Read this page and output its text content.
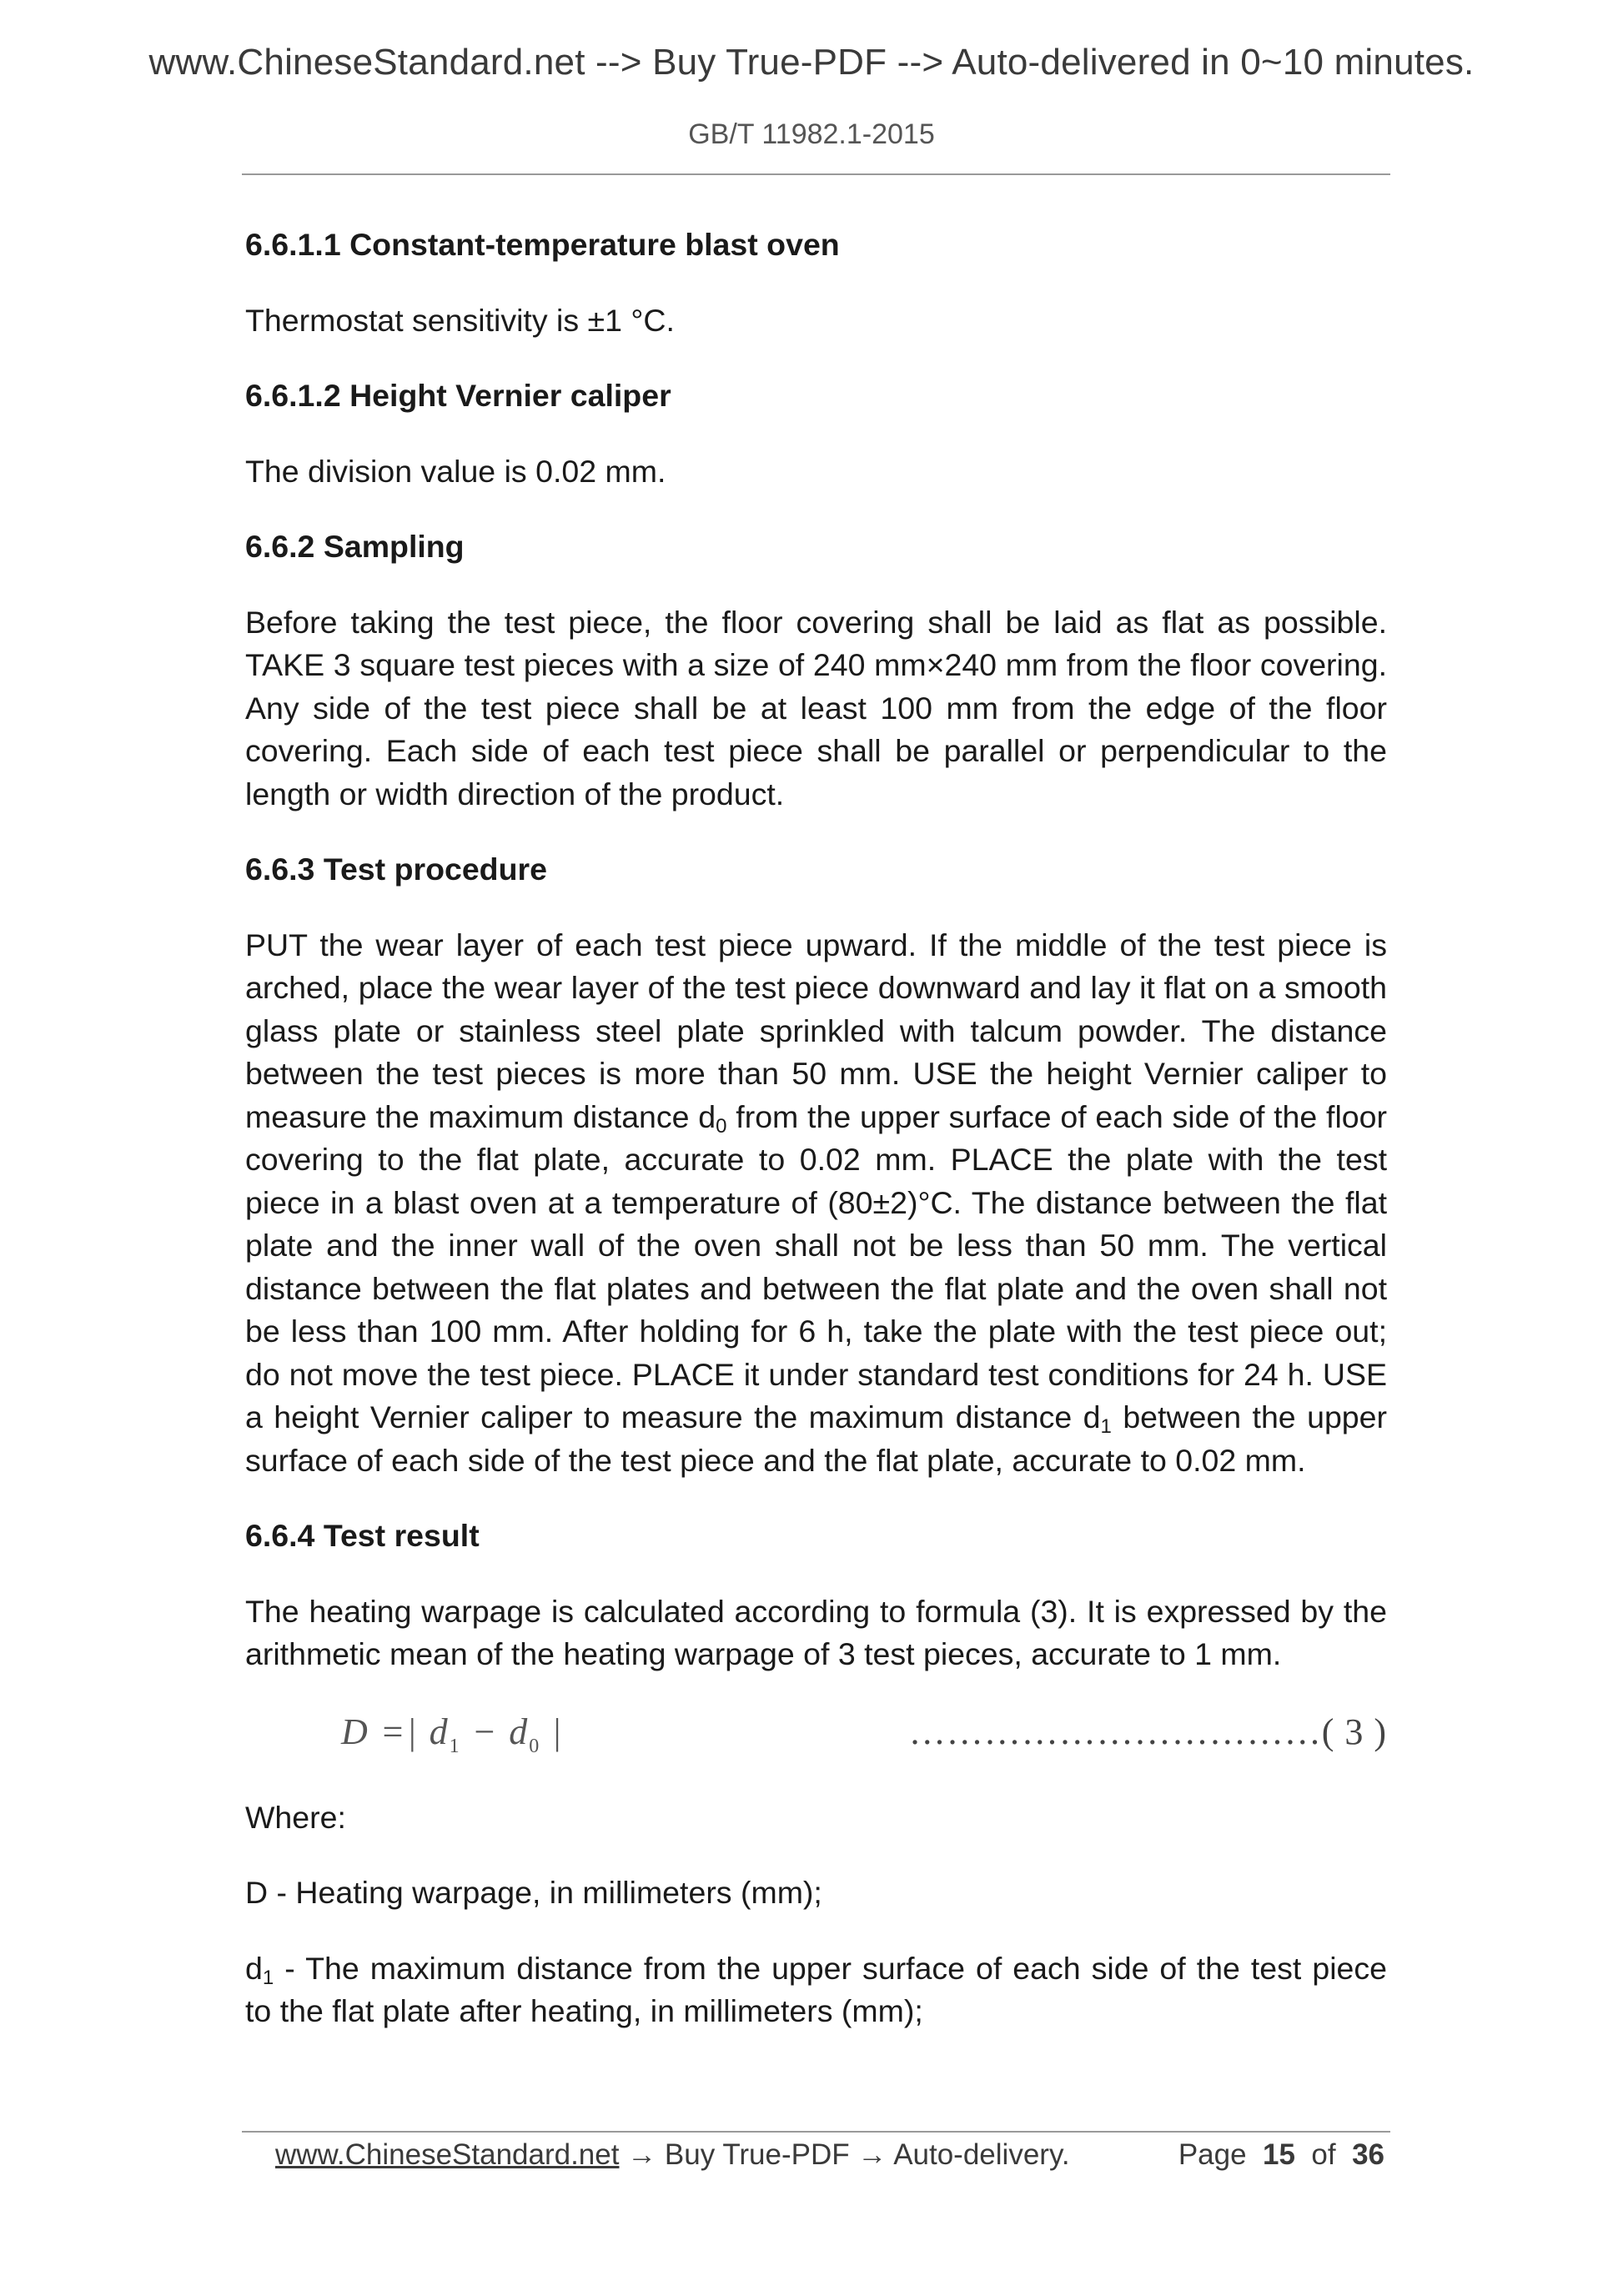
www.ChineseStandard.net --> Buy True-PDF --> Auto-delivered in 0~10 minutes.
GB/T 11982.1-2015
6.6.1.1 Constant-temperature blast oven

Thermostat sensitivity is ±1 °C.

6.6.1.2 Height Vernier caliper

The division value is 0.02 mm.

6.6.2 Sampling

Before taking the test piece, the floor covering shall be laid as flat as possible. TAKE 3 square test pieces with a size of 240 mm×240 mm from the floor covering. Any side of the test piece shall be at least 100 mm from the edge of the floor covering. Each side of each test piece shall be parallel or perpendicular to the length or width direction of the product.

6.6.3 Test procedure

PUT the wear layer of each test piece upward. If the middle of the test piece is arched, place the wear layer of the test piece downward and lay it flat on a smooth glass plate or stainless steel plate sprinkled with talcum powder. The distance between the test pieces is more than 50 mm. USE the height Vernier caliper to measure the maximum distance $d_0$ from the upper surface of each side of the floor covering to the flat plate, accurate to 0.02 mm. PLACE the plate with the test piece in a blast oven at a temperature of (80±2)°C. The distance between the flat plate and the inner wall of the oven shall not be less than 50 mm. The vertical distance between the flat plates and between the flat plate and the oven shall not be less than 100 mm. After holding for 6 h, take the plate with the test piece out; do not move the test piece. PLACE it under standard test conditions for 24 h. USE a height Vernier caliper to measure the maximum distance $d_1$ between the upper surface of each side of the test piece and the flat plate, accurate to 0.02 mm.

6.6.4 Test result

The heating warpage is calculated according to formula (3). It is expressed by the arithmetic mean of the heating warpage of 3 test pieces, accurate to 1 mm.

D =| $d_1 - d_0$ |	……………………………( 3 )

Where:

D - Heating warpage, in millimeters (mm);

$d_1$ - The maximum distance from the upper surface of each side of the test piece to the flat plate after heating, in millimeters (mm);

www.ChineseStandard.net → Buy True-PDF → Auto-delivery.	Page 15 of 36
